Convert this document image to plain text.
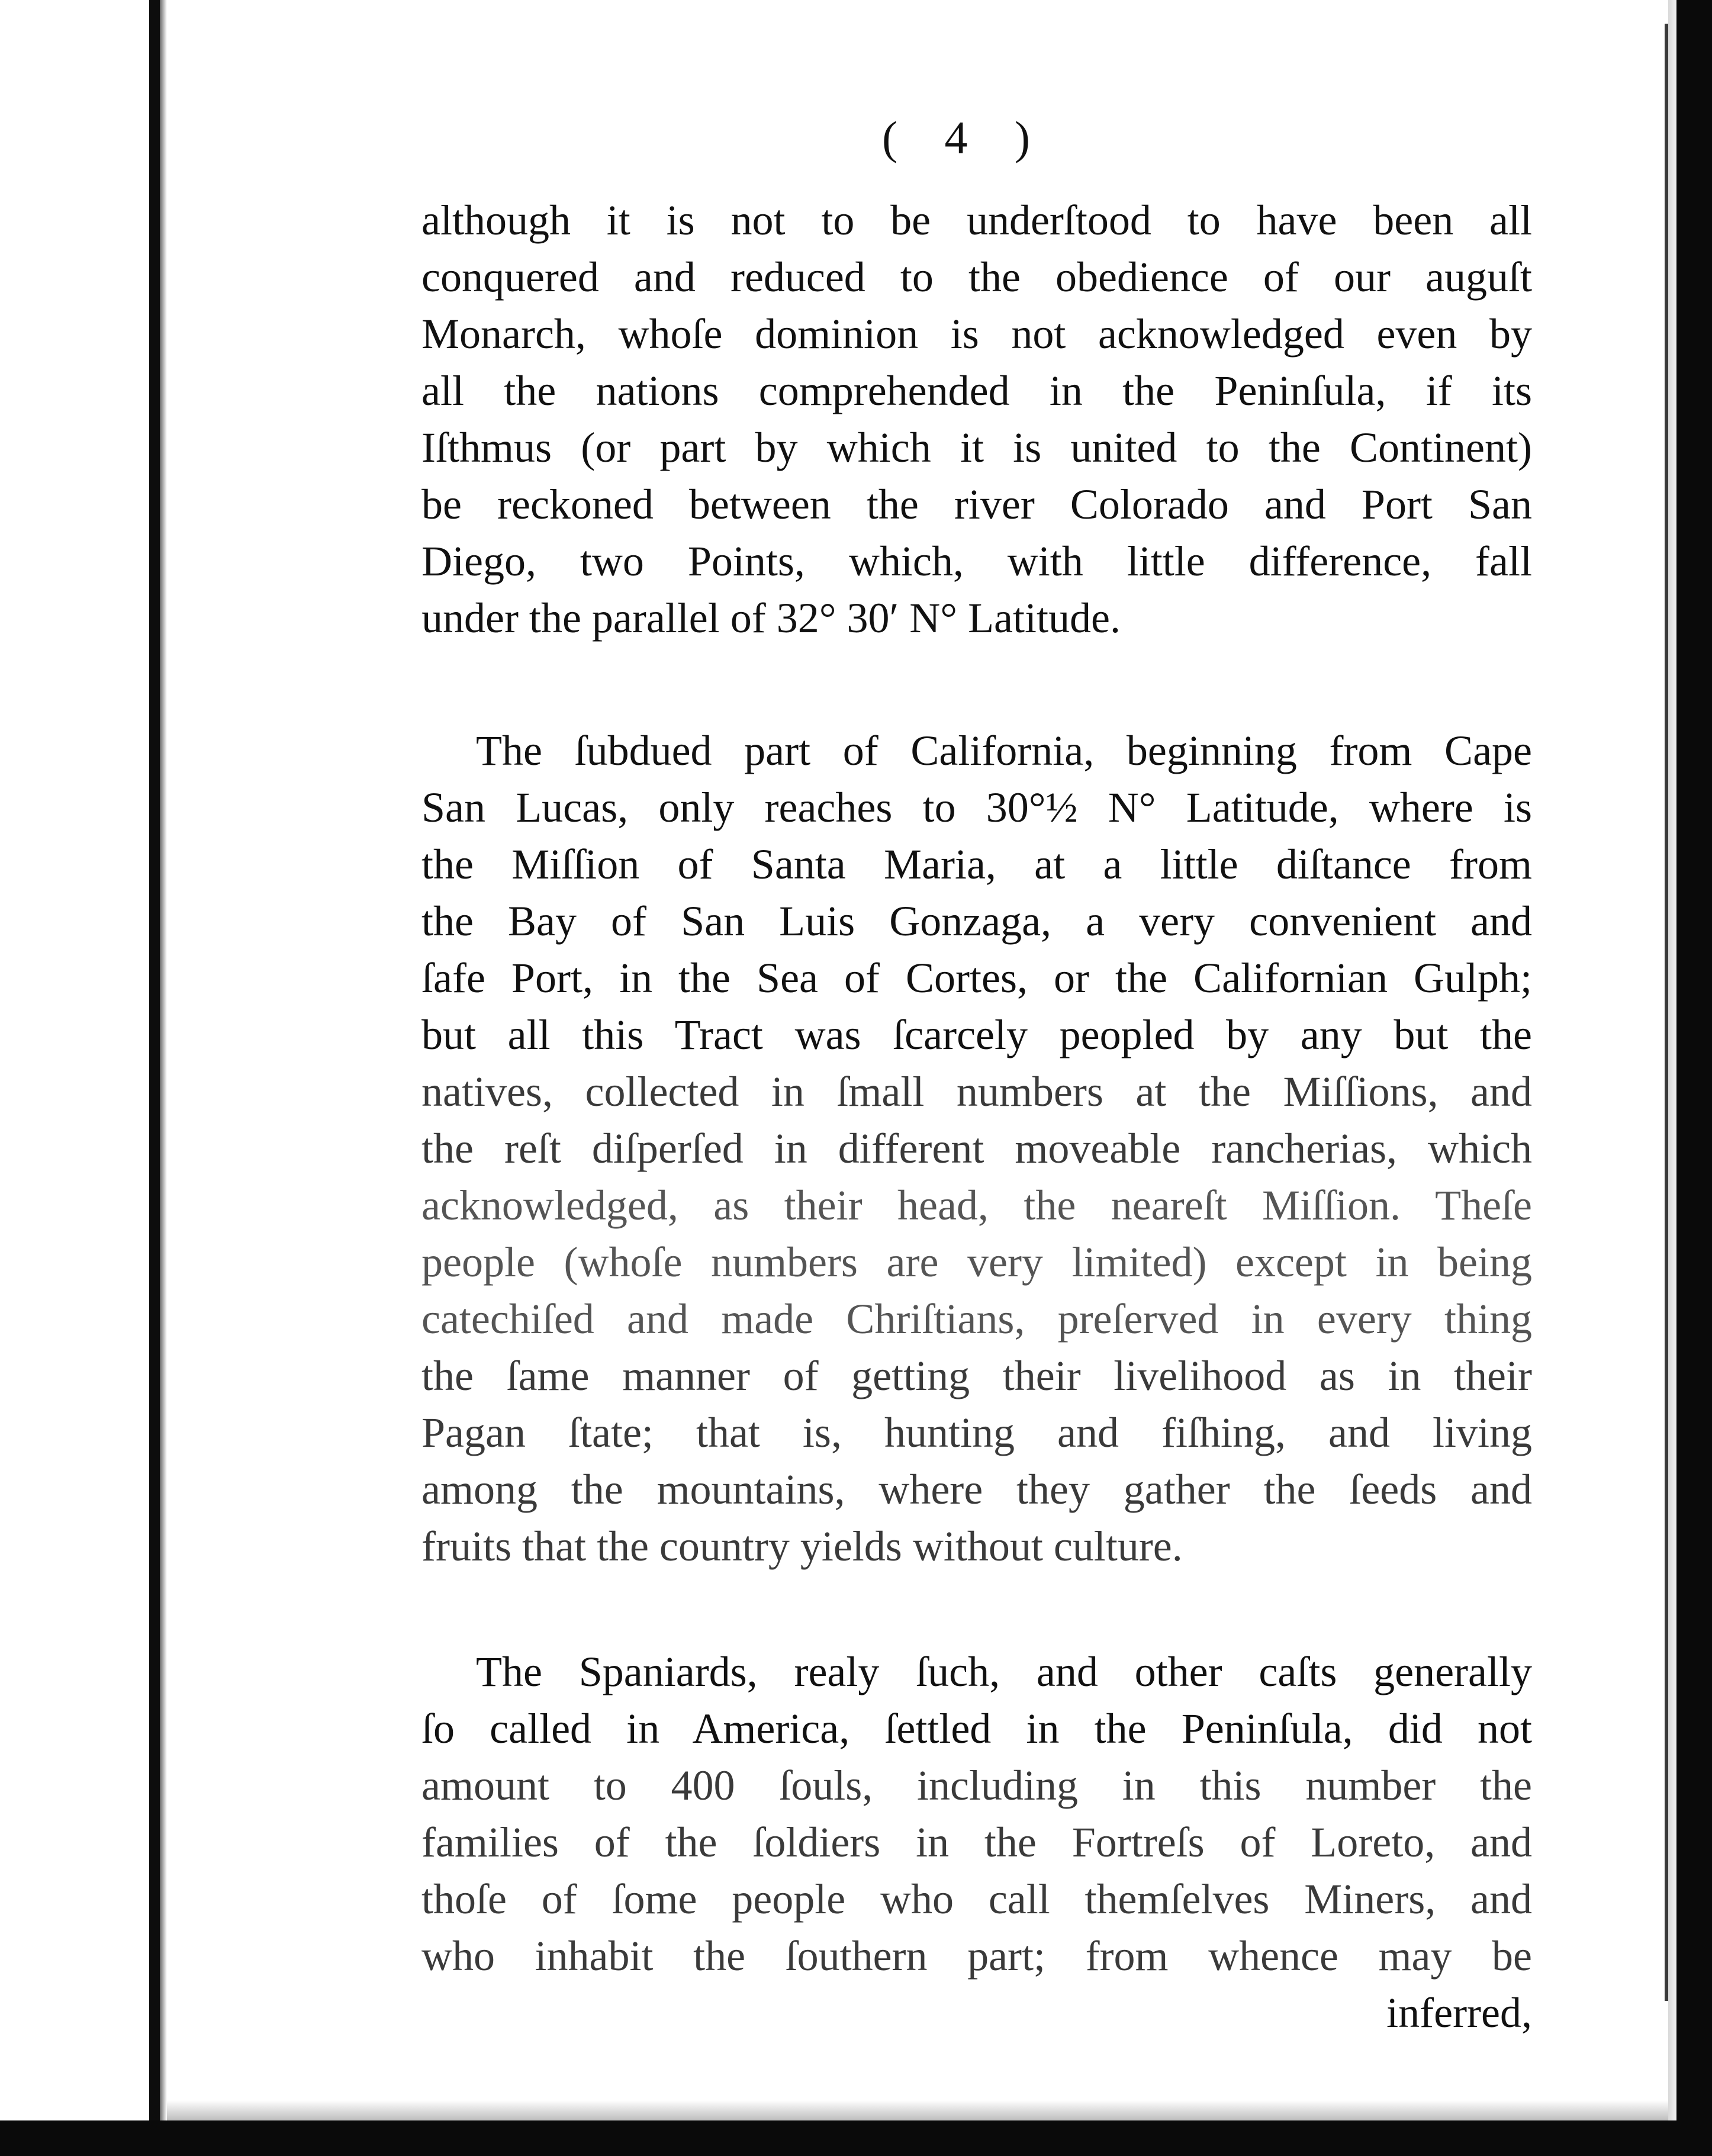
( 4 )

although it is not to be underſtood to have been all

conquered and reduced to the obedience of our auguſt

Monarch, whoſe dominion is not acknowledged even by

all the nations comprehended in the Peninſula, if its

Iſthmus (or part by which it is united to the Continent)

be reckoned between the river Colorado and Port San

Diego, two Points, which, with little difference, fall

under the parallel of 32° 30′ N° Latitude.

The ſubdued part of California, beginning from Cape

San Lucas, only reaches to 30°½ N° Latitude, where is

the Miſſion of Santa Maria, at a little diſtance from

the Bay of San Luis Gonzaga, a very convenient and

ſafe Port, in the Sea of Cortes, or the Californian Gulph;

but all this Tract was ſcarcely peopled by any but the

natives, collected in ſmall numbers at the Miſſions, and

the reſt diſperſed in different moveable rancherias, which

acknowledged, as their head, the neareſt Miſſion. Theſe

people (whoſe numbers are very limited) except in being

catechiſed and made Chriſtians, preſerved in every thing

the ſame manner of getting their livelihood as in their

Pagan ſtate; that is, hunting and fiſhing, and living

among the mountains, where they gather the ſeeds and

fruits that the country yields without culture.

The Spaniards, realy ſuch, and other caſts generally

ſo called in America, ſettled in the Peninſula, did not

amount to 400 ſouls, including in this number the

families of the ſoldiers in the Fortreſs of Loreto, and

thoſe of ſome people who call themſelves Miners, and

who inhabit the ſouthern part; from whence may be

inferred,
